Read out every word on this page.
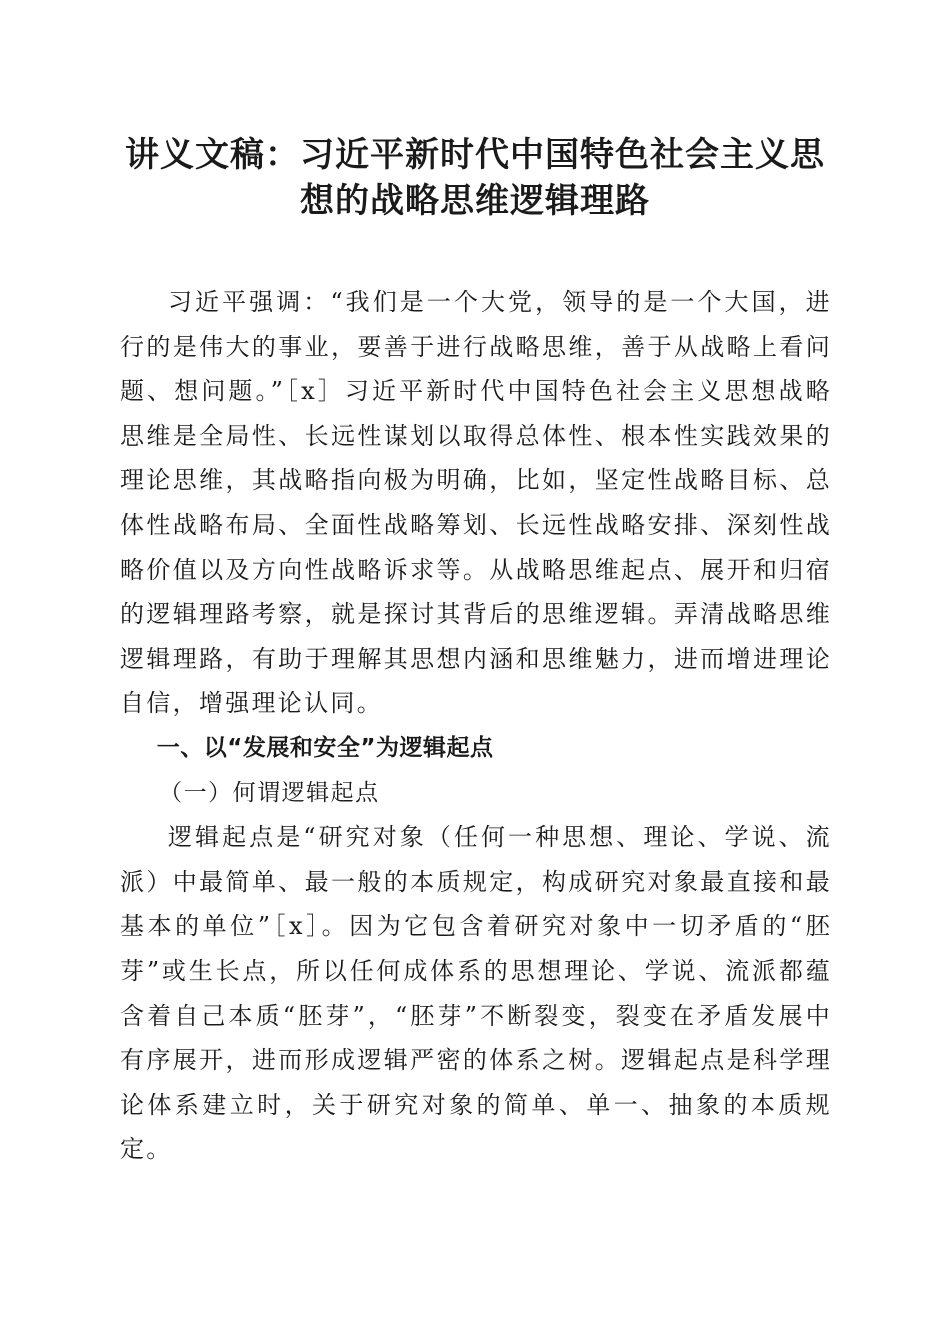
讲义文稿：习近平新时代中国特色社会主义思想的战略思维逻辑理路

习近平强调：“我们是一个大党，领导的是一个大国，进行的是伟大的事业，要善于进行战略思维，善于从战略上看问题、想问题。”［x］习近平新时代中国特色社会主义思想战略思维是全局性、长远性谋划以取得总体性、根本性实践效果的理论思维，其战略指向极为明确，比如，坚定性战略目标、总体性战略布局、全面性战略筹划、长远性战略安排、深刻性战略价值以及方向性战略诉求等。从战略思维起点、展开和归宿的逻辑理路考察，就是探讨其背后的思维逻辑。弄清战略思维逻辑理路，有助于理解其思想内涵和思维魅力，进而增进理论自信，增强理论认同。

一、以“发展和安全”为逻辑起点
（一）何谓逻辑起点

逻辑起点是“研究对象（任何一种思想、理论、学说、流派）中最简单、最一般的本质规定，构成研究对象最直接和最基本的单位”［x］。因为它包含着研究对象中一切矛盾的“胚芽”或生长点，所以任何成体系的思想理论、学说、流派都蕴含着自己本质“胚芽”，“胚芽”不断裂变，裂变在矛盾发展中有序展开，进而形成逻辑严密的体系之树。逻辑起点是科学理论体系建立时，关于研究对象的简单、单一、抽象的本质规定。
